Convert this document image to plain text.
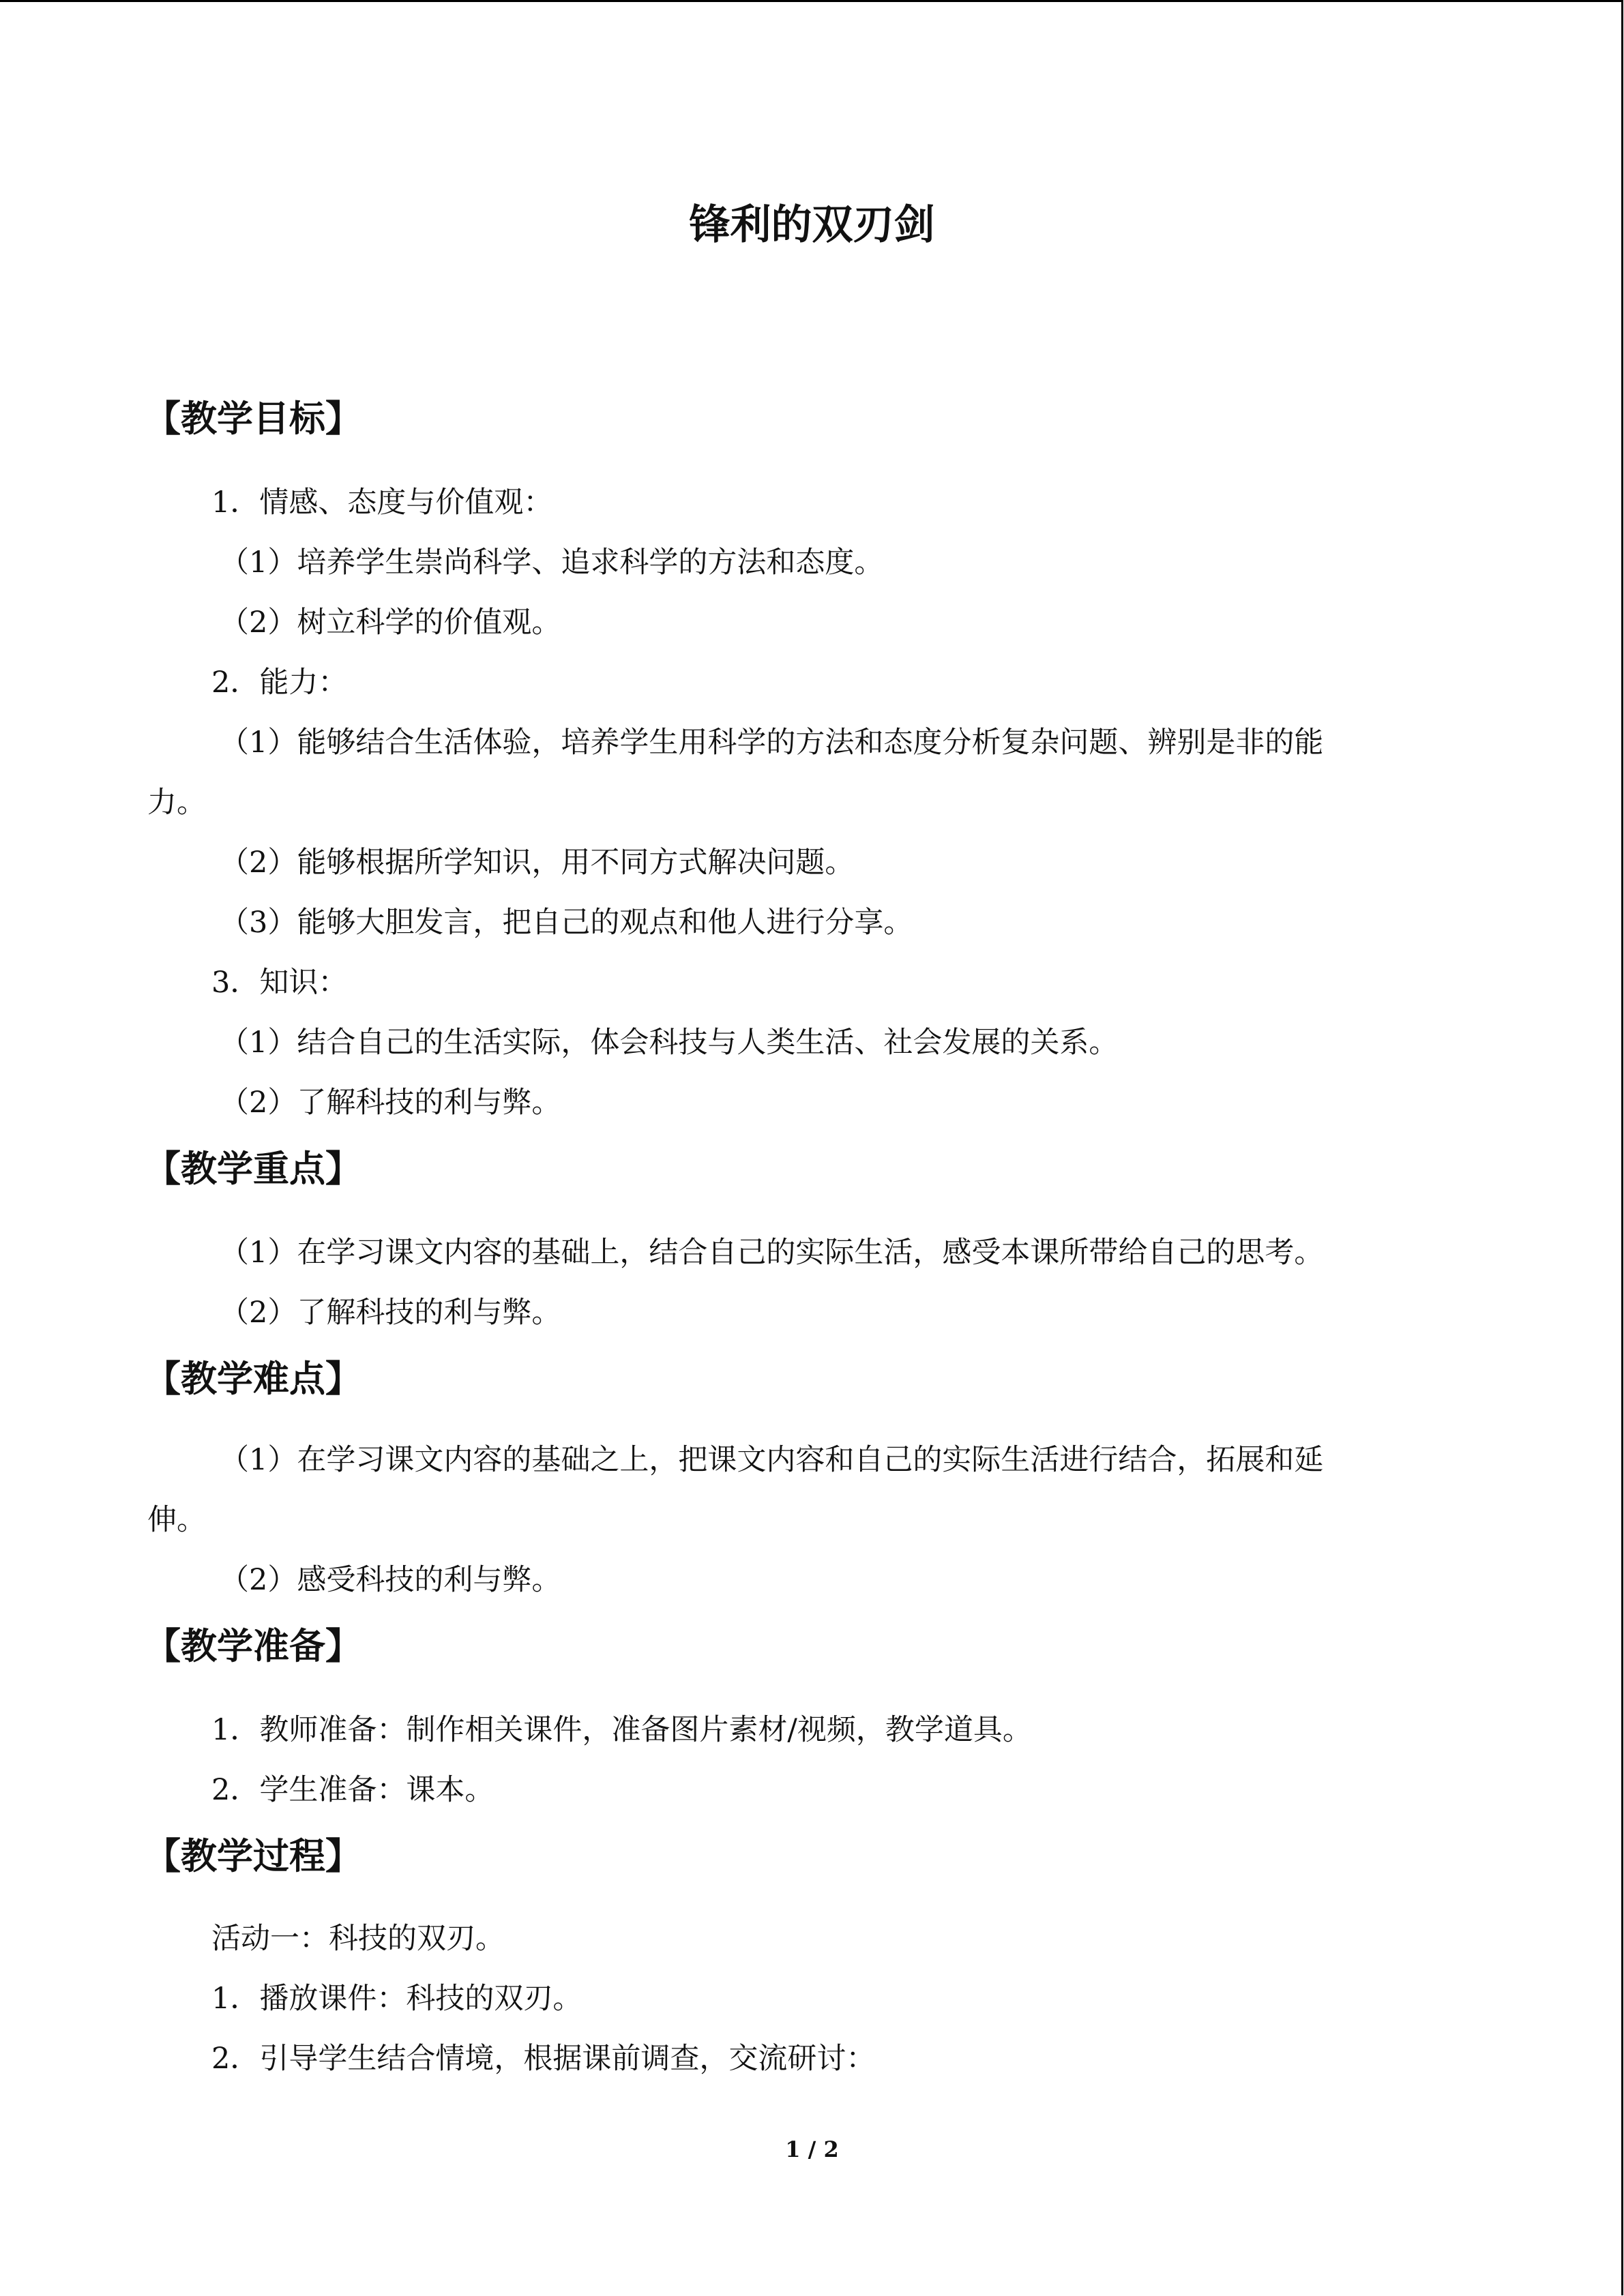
锋利的双刃剑
【教学目标】
1．情感、态度与价值观：
（1）培养学生崇尚科学、追求科学的方法和态度。
（2）树立科学的价值观。
2．能力：
（1）能够结合生活体验，培养学生用科学的方法和态度分析复杂问题、辨别是非的能
力。
（2）能够根据所学知识，用不同方式解决问题。
（3）能够大胆发言，把自己的观点和他人进行分享。
3．知识：
（1）结合自己的生活实际，体会科技与人类生活、社会发展的关系。
（2）了解科技的利与弊。
【教学重点】
（1）在学习课文内容的基础上，结合自己的实际生活，感受本课所带给自己的思考。
（2）了解科技的利与弊。
【教学难点】
（1）在学习课文内容的基础之上，把课文内容和自己的实际生活进行结合，拓展和延
伸。
（2）感受科技的利与弊。
【教学准备】
1．教师准备：制作相关课件，准备图片素材/视频，教学道具。
2．学生准备：课本。
【教学过程】
活动一：科技的双刃。
1．播放课件：科技的双刃。
2．引导学生结合情境，根据课前调查，交流研讨：
1 / 2
